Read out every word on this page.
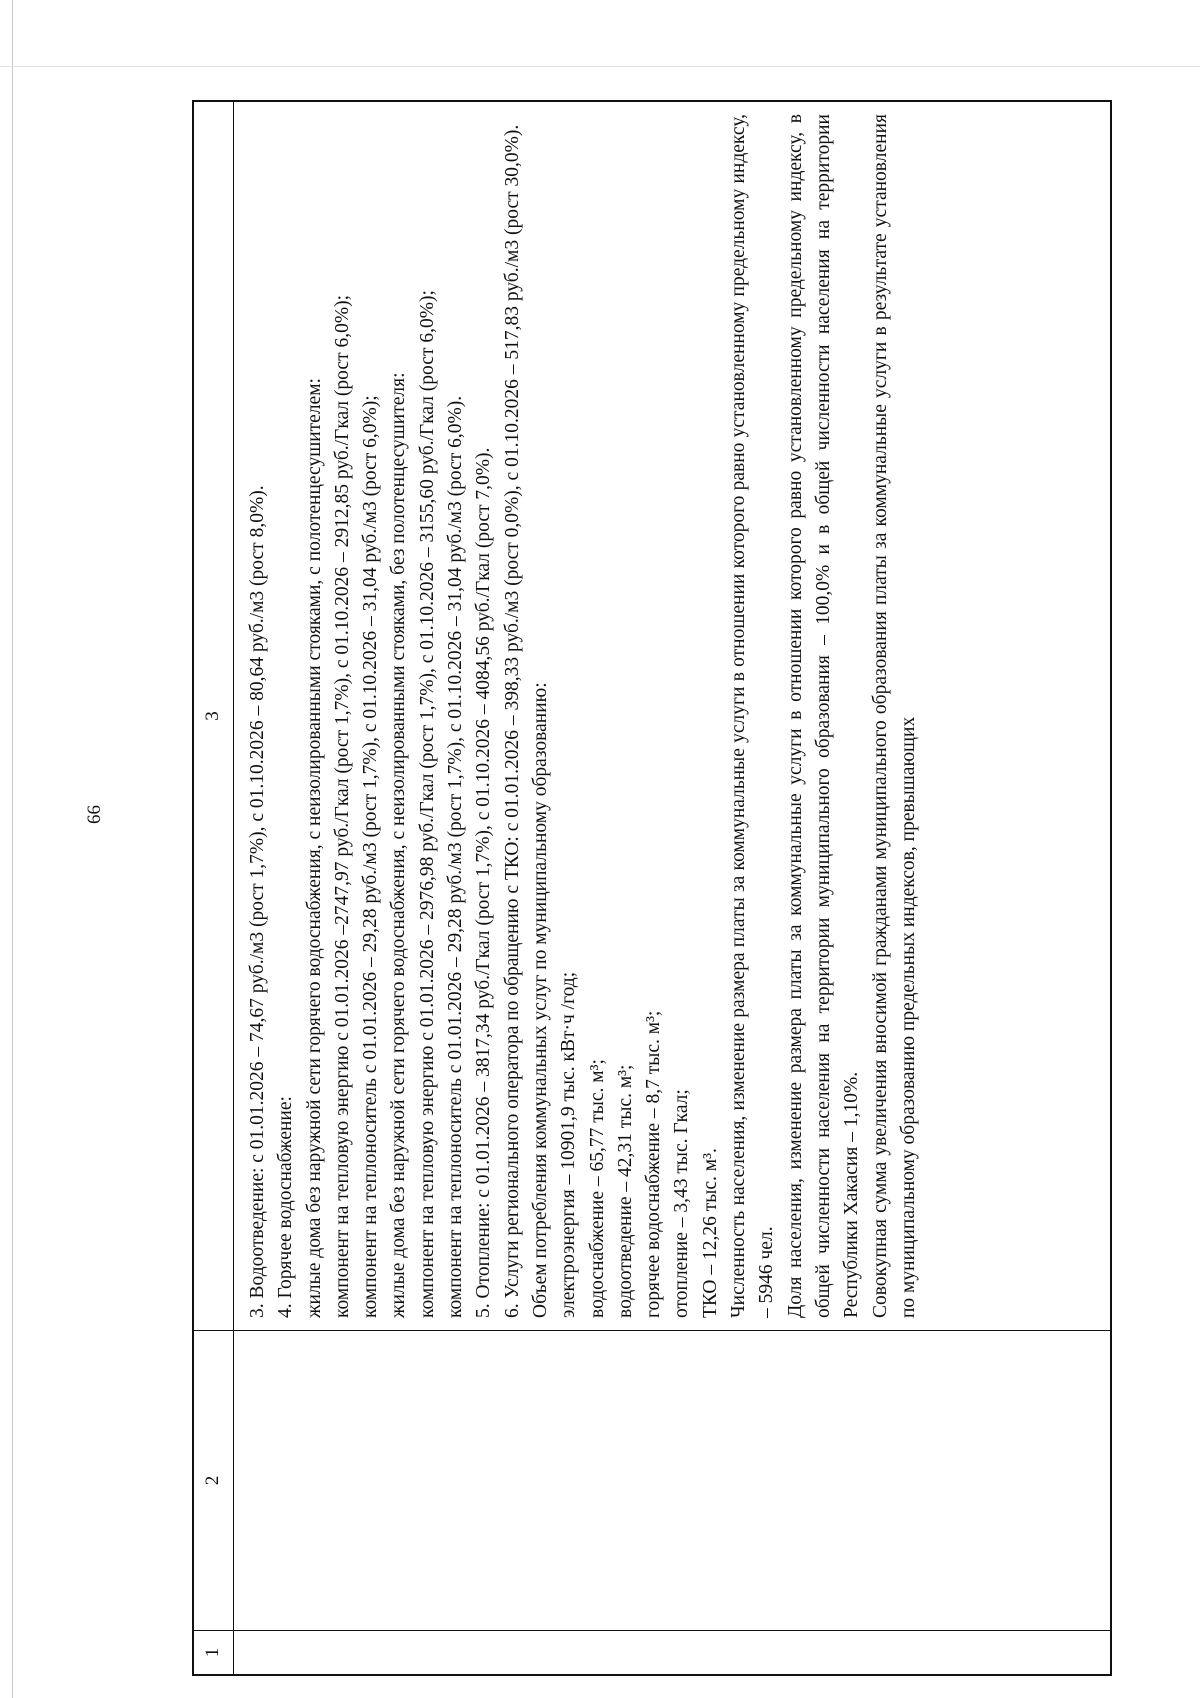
66
1
2
3	3. Водоотведение: с 01.01.2026 – 74,67 руб./м3 (рост 1,7%), с 01.10.2026 – 80,64 руб./м3 (рост 8,0%). 4. Горячее водоснабжение: жилые дома без наружной сети горячего водоснабжения, с неизолированными стояками, с полотенцесушителем: компонент на тепловую энергию с 01.01.2026 –2747,97 руб./Гкал (рост 1,7%), с 01.10.2026 – 2912,85 руб./Гкал (рост 6,0%); компонент на теплоноситель с 01.01.2026 – 29,28 руб./м3 (рост 1,7%), с 01.10.2026 – 31,04 руб./м3 (рост 6,0%); жилые дома без наружной сети горячего водоснабжения, с неизолированными стояками, без полотенцесушителя: компонент на тепловую энергию с 01.01.2026 – 2976,98 руб./Гкал (рост 1,7%), с 01.10.2026 – 3155,60 руб./Гкал (рост 6,0%); компонент на теплоноситель с 01.01.2026 – 29,28 руб./м3 (рост 1,7%), с 01.10.2026 – 31,04 руб./м3 (рост 6,0%). 5. Отопление: с 01.01.2026 – 3817,34 руб./Гкал (рост 1,7%), с 01.10.2026 – 4084,56 руб./Гкал (рост 7,0%). 6. Услуги регионального оператора по обращению с ТКО: с 01.01.2026 – 398,33 руб./м3 (рост 0,0%), с 01.10.2026 – 517,83 руб./м3 (рост 30,0%). Объем потребления коммунальных услуг по муниципальному образованию: электроэнергия – 10901,9 тыс. кВт·ч /год; водоснабжение – 65,77 тыс. м³; водоотведение – 42,31 тыс. м³; горячее водоснабжение – 8,7 тыс. м³; отопление – 3,43 тыс. Гкал; ТКО – 12,26 тыс. м³. Численность населения, изменение размера платы за коммунальные услуги в отношении которого равно установленному предельному индексу, – 5946 чел. Доля населения, изменение размера платы за коммунальные услуги в отношении которого равно установленному предельному индексу, в общей численности населения на территории муниципального образования – 100,0% и в общей численности населения на территории Республики Хакасия – 1,10%. Совокупная сумма увеличения вносимой гражданами муниципального образования платы за коммунальные услуги в результате установления по муниципальному образованию предельных индексов, превышающих
